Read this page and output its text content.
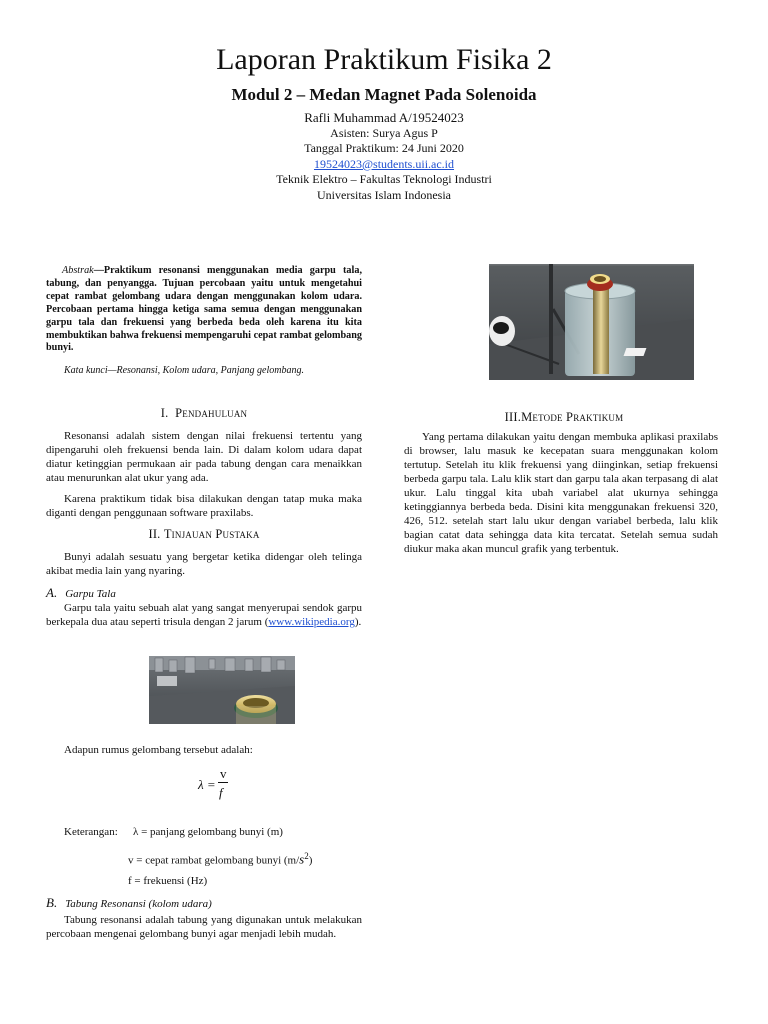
Laporan Praktikum Fisika 2
Modul 2 – Medan Magnet Pada Solenoida
Rafli Muhammad A/19524023
Asisten: Surya Agus P
Tanggal Praktikum: 24 Juni 2020
19524023@students.uii.ac.id
Teknik Elektro – Fakultas Teknologi Industri
Universitas Islam Indonesia
Abstrak—Praktikum resonansi menggunakan media garpu tala, tabung, dan penyangga. Tujuan percobaan yaitu untuk mengetahui cepat rambat gelombang udara dengan menggunakan kolom udara. Percobaan pertama hingga ketiga sama semua dengan menggunakan garpu tala dan frekuensi yang berbeda beda oleh karena itu kita membuktikan bahwa frekuensi mempengaruhi cepat rambat gelombang bunyi.
Kata kunci—Resonansi, Kolom udara, Panjang gelombang.
I. Pendahuluan
Resonansi adalah sistem dengan nilai frekuensi tertentu yang dipengaruhi oleh frekuensi benda lain. Di dalam kolom udara dapat diatur ketinggian permukaan air pada tabung dengan cara menaikkan atau menurunkan alat ukur yang ada.
Karena praktikum tidak bisa dilakukan dengan tatap muka maka diganti dengan penggunaan software praxilabs.
II. Tinjauan Pustaka
Bunyi adalah sesuatu yang bergetar ketika didengar oleh telinga akibat media lain yang nyaring.
A. Garpu Tala
Garpu tala yaitu sebuah alat yang sangat menyerupai sendok garpu berkepala dua atau seperti trisula dengan 2 jarum (www.wikipedia.org).
Adapun rumus gelombang tersebut adalah:
λ =
v
f
Keterangan: λ = panjang gelombang bunyi (m)
v = cepat rambat gelombang bunyi $(m/s^2)$
f = frekuensi (Hz)
B. Tabung Resonansi (kolom udara)
Tabung resonansi adalah tabung yang digunakan untuk melakukan percobaan mengenai gelombang bunyi agar menjadi lebih mudah.
III.Metode Praktikum
Yang pertama dilakukan yaitu dengan membuka aplikasi praxilabs di browser, lalu masuk ke kecepatan suara menggunakan kolom tertutup. Setelah itu klik frekuensi yang diinginkan, setiap frekuensi berbeda garpu tala. Lalu klik start dan garpu tala akan terpasang di alat ukur. Lalu tinggal kita ubah variabel alat ukurnya sehingga ketinggiannya berbeda beda. Disini kita menggunakan frekuensi 320, 426, 512. setelah start lalu ukur dengan variabel berbeda, lalu klik bagian catat data sehingga data kita tercatat. Setelah semua sudah diukur maka akan muncul grafik yang terbentuk.
